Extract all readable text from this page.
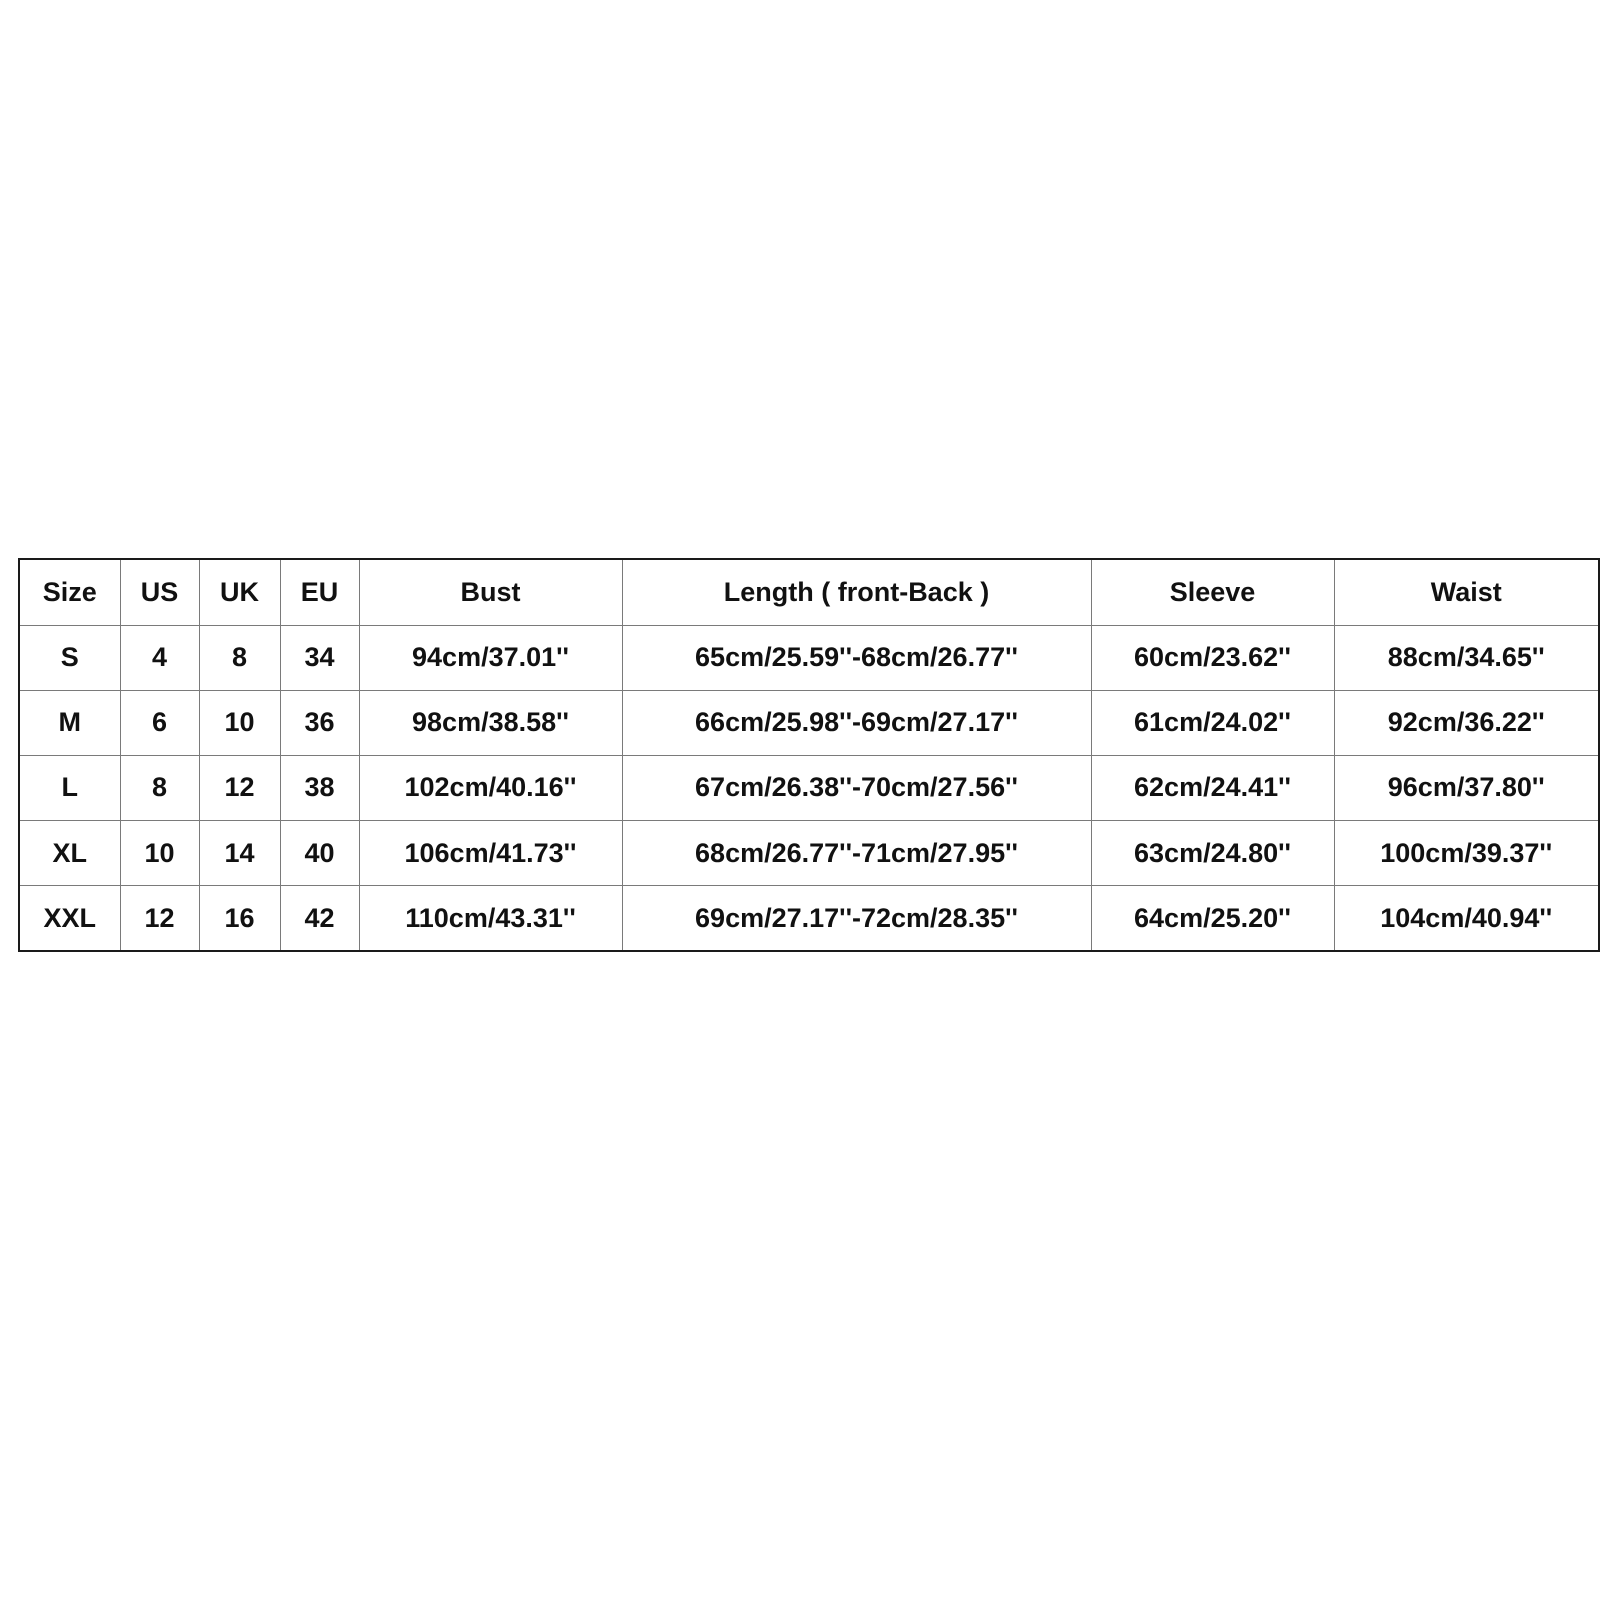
Size	US	UK	EU	Bust	Length ( front-Back )	Sleeve	Waist
S	4	8	34	94cm/37.01''	65cm/25.59''-68cm/26.77''	60cm/23.62''	88cm/34.65''
M	6	10	36	98cm/38.58''	66cm/25.98''-69cm/27.17''	61cm/24.02''	92cm/36.22''
L	8	12	38	102cm/40.16''	67cm/26.38''-70cm/27.56''	62cm/24.41''	96cm/37.80''
XL	10	14	40	106cm/41.73''	68cm/26.77''-71cm/27.95''	63cm/24.80''	100cm/39.37''
XXL	12	16	42	110cm/43.31''	69cm/27.17''-72cm/28.35''	64cm/25.20''	104cm/40.94''
